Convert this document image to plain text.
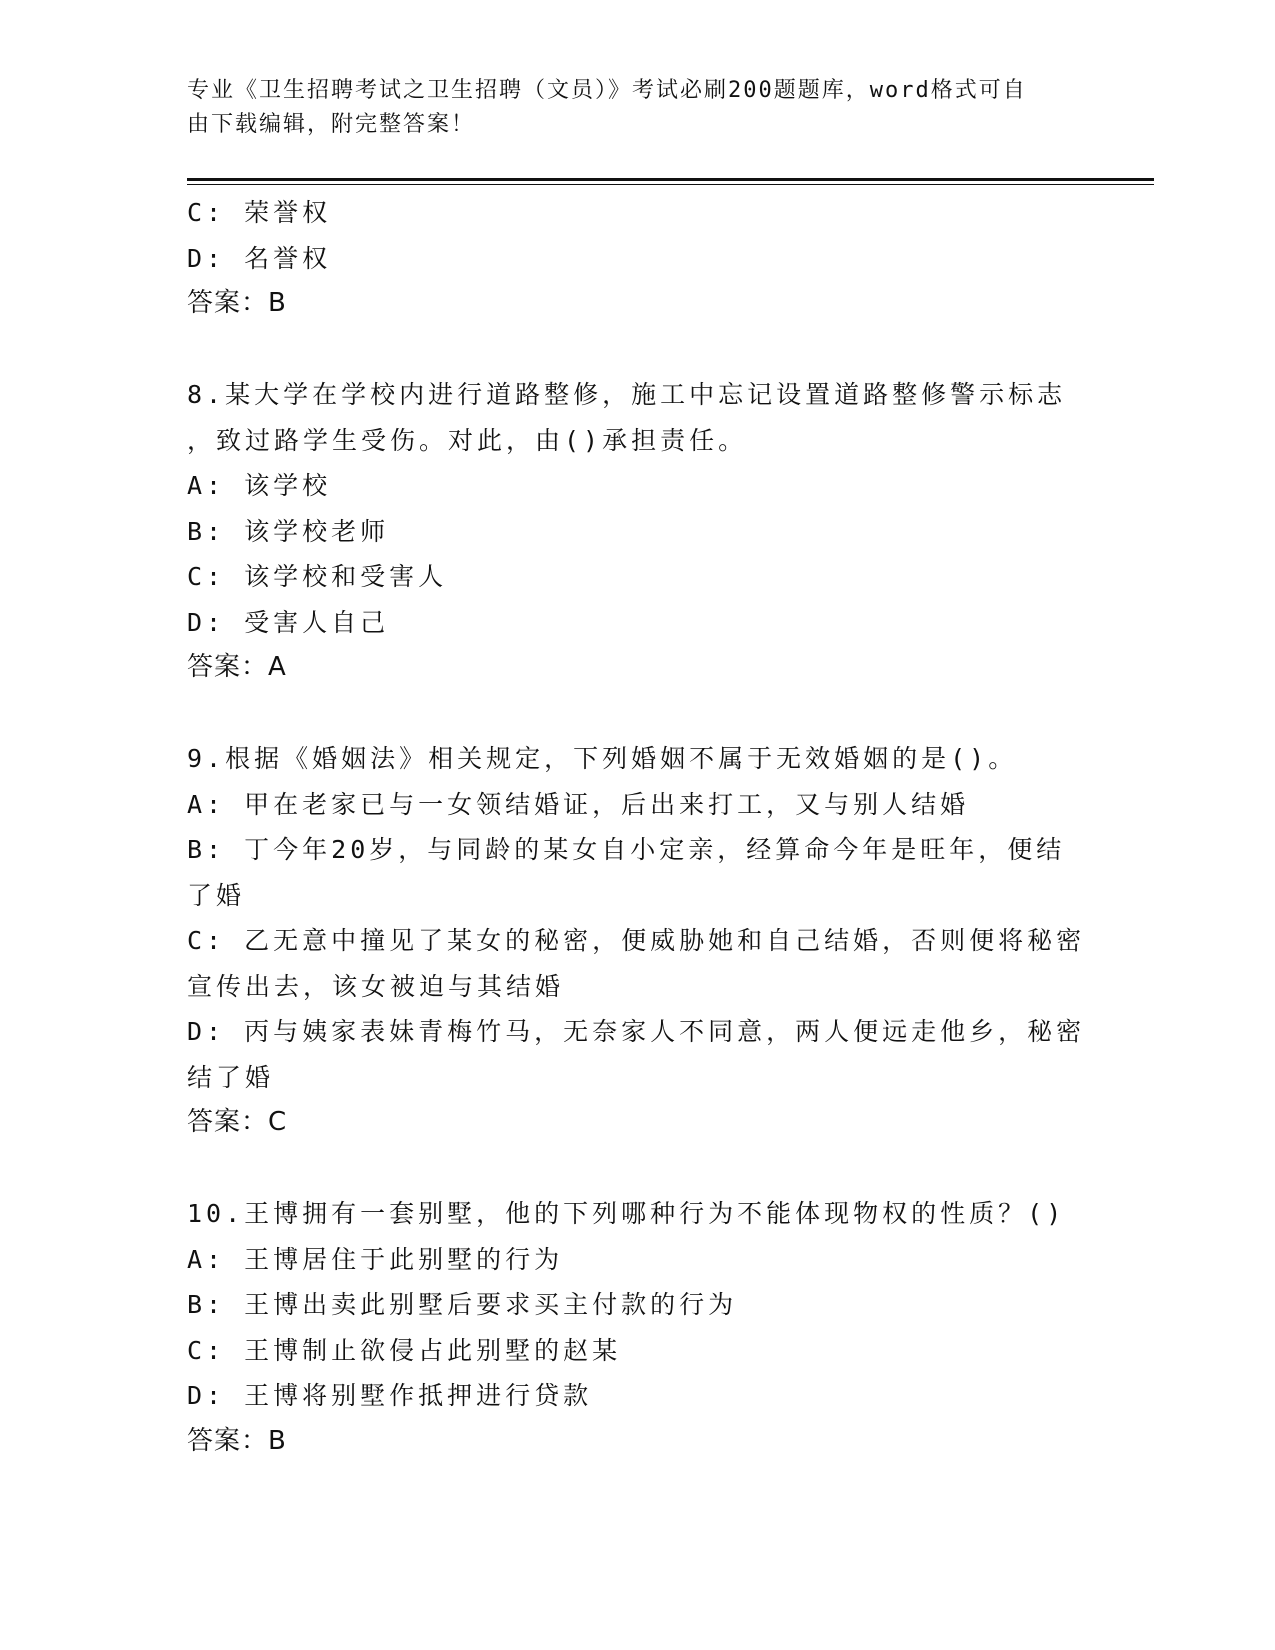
专业《卫生招聘考试之卫生招聘（文员）》考试必刷200题题库，word格式可自
由下载编辑，附完整答案！
C: 荣誉权
D: 名誉权
答案：B
8.某大学在学校内进行道路整修，施工中忘记设置道路整修警示标志
，致过路学生受伤。对此，由()承担责任。
A: 该学校
B: 该学校老师
C: 该学校和受害人
D: 受害人自己
答案：A
9.根据《婚姻法》相关规定，下列婚姻不属于无效婚姻的是()。
A: 甲在老家已与一女领结婚证，后出来打工，又与别人结婚
B: 丁今年20岁，与同龄的某女自小定亲，经算命今年是旺年，便结
了婚
C: 乙无意中撞见了某女的秘密，便威胁她和自己结婚，否则便将秘密
宣传出去，该女被迫与其结婚
D: 丙与姨家表妹青梅竹马，无奈家人不同意，两人便远走他乡，秘密
结了婚
答案：C
10.王博拥有一套别墅，他的下列哪种行为不能体现物权的性质？()
A: 王博居住于此别墅的行为
B: 王博出卖此别墅后要求买主付款的行为
C: 王博制止欲侵占此别墅的赵某
D: 王博将别墅作抵押进行贷款
答案：B
